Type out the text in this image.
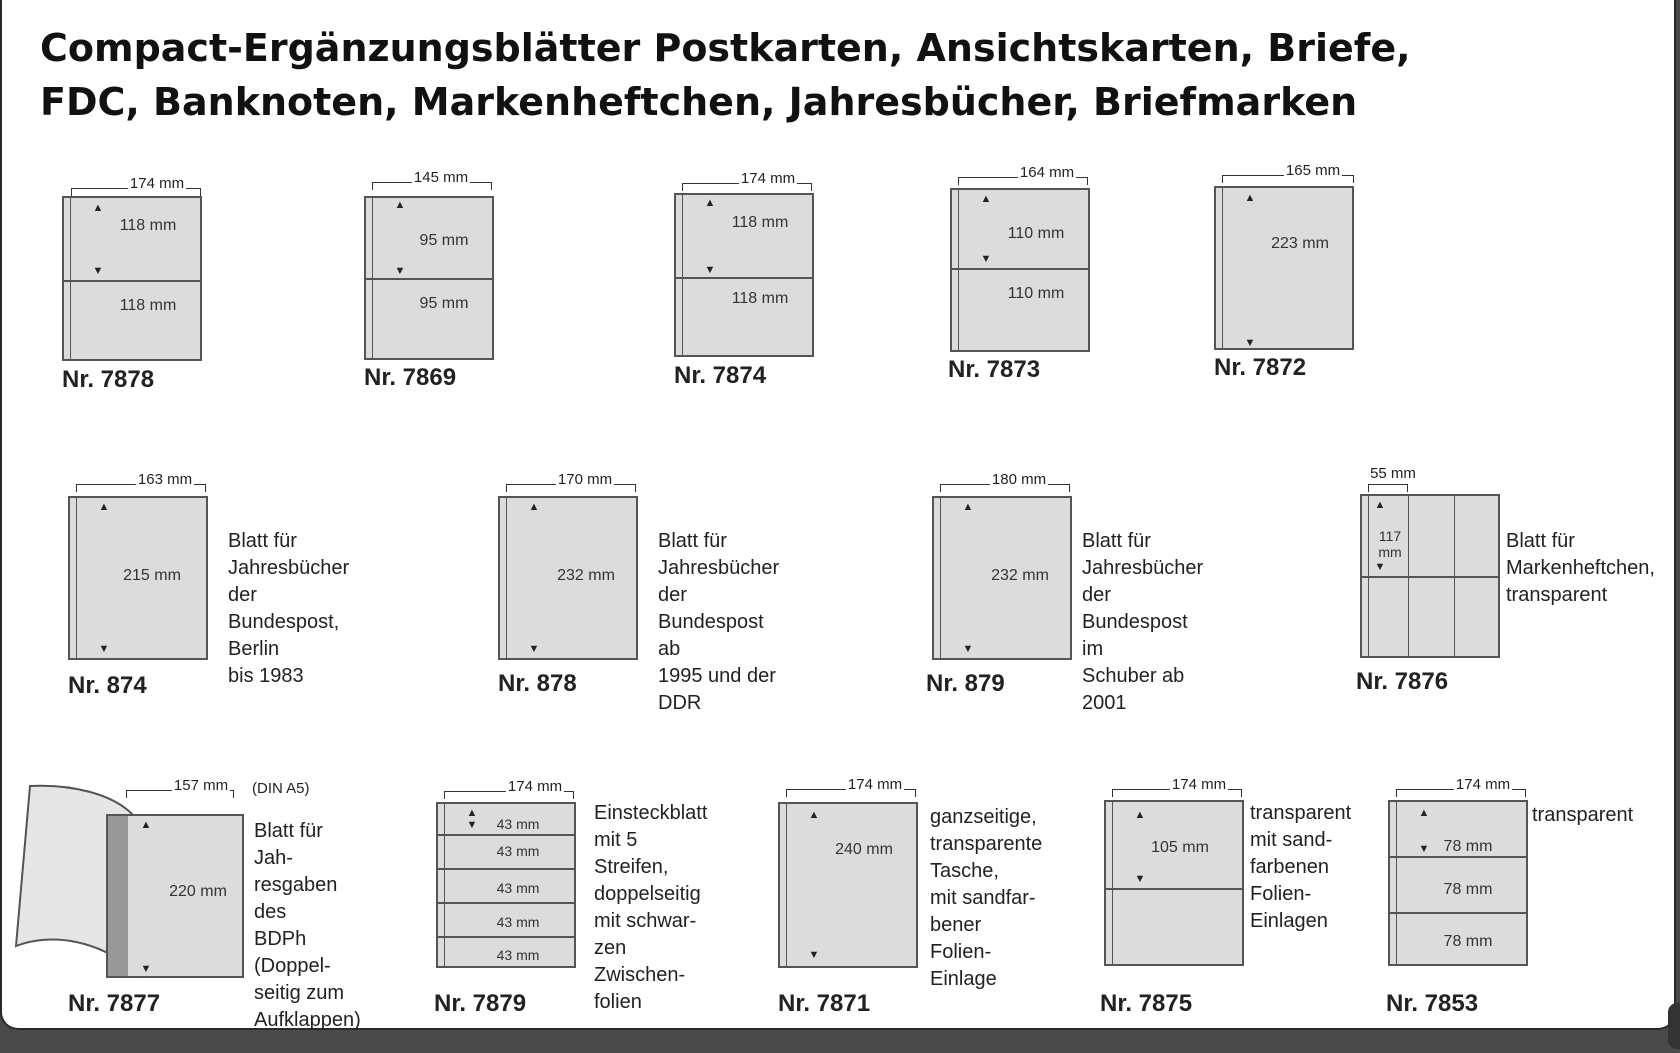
Compact-Ergänzungsblätter Postkarten, Ansichtskarten, Briefe,
FDC, Banknoten, Markenheftchen, Jahresbücher, Briefmarken
174 mm
▲
▼
118 mm
118 mm
Nr. 7878
145 mm
▲
▼
95 mm
95 mm
Nr. 7869
174 mm
▲
▼
118 mm
118 mm
Nr. 7874
164 mm
▲
▼
110 mm
110 mm
Nr. 7873
165 mm
▲
▼
223 mm
Nr. 7872
163 mm
▲
▼
215 mm
Blatt für Jahresbücher
der Bundespost, Berlin
bis 1983
Nr. 874
170 mm
▲
▼
232 mm
Blatt für Jahresbücher
der Bundespost ab
1995 und der DDR
Nr. 878
180 mm
▲
▼
232 mm
Blatt für Jahresbücher
der Bundespost im
Schuber ab 2001
Nr. 879
55 mm
▲
▼
117
mm	Blatt für
Markenheftchen,
transparent
Nr. 7876
157 mm (DIN A5)
▲
▼
220 mm
Blatt für Jah-
resgaben des
BDPh (Doppel-
seitig zum
Aufklappen)
Nr. 7877
174 mm
▲
▼ 43 mm
43 mm
43 mm
43 mm
43 mm
Einsteckblatt
mit 5 Streifen,
doppelseitig
mit schwar-
zen
Zwischen-
folien
Nr. 7879
174 mm
▲
▼
240 mm
ganzseitige,
transparente
Tasche,
mit sandfar-
bener Folien-
Einlage
Nr. 7871
174 mm
▲
▼
105 mm
transparent
mit sand-
farbenen
Folien-
Einlagen
Nr. 7875
174 mm
▲
▼ 78 mm
78 mm
78 mm
transparent
Nr. 7853
